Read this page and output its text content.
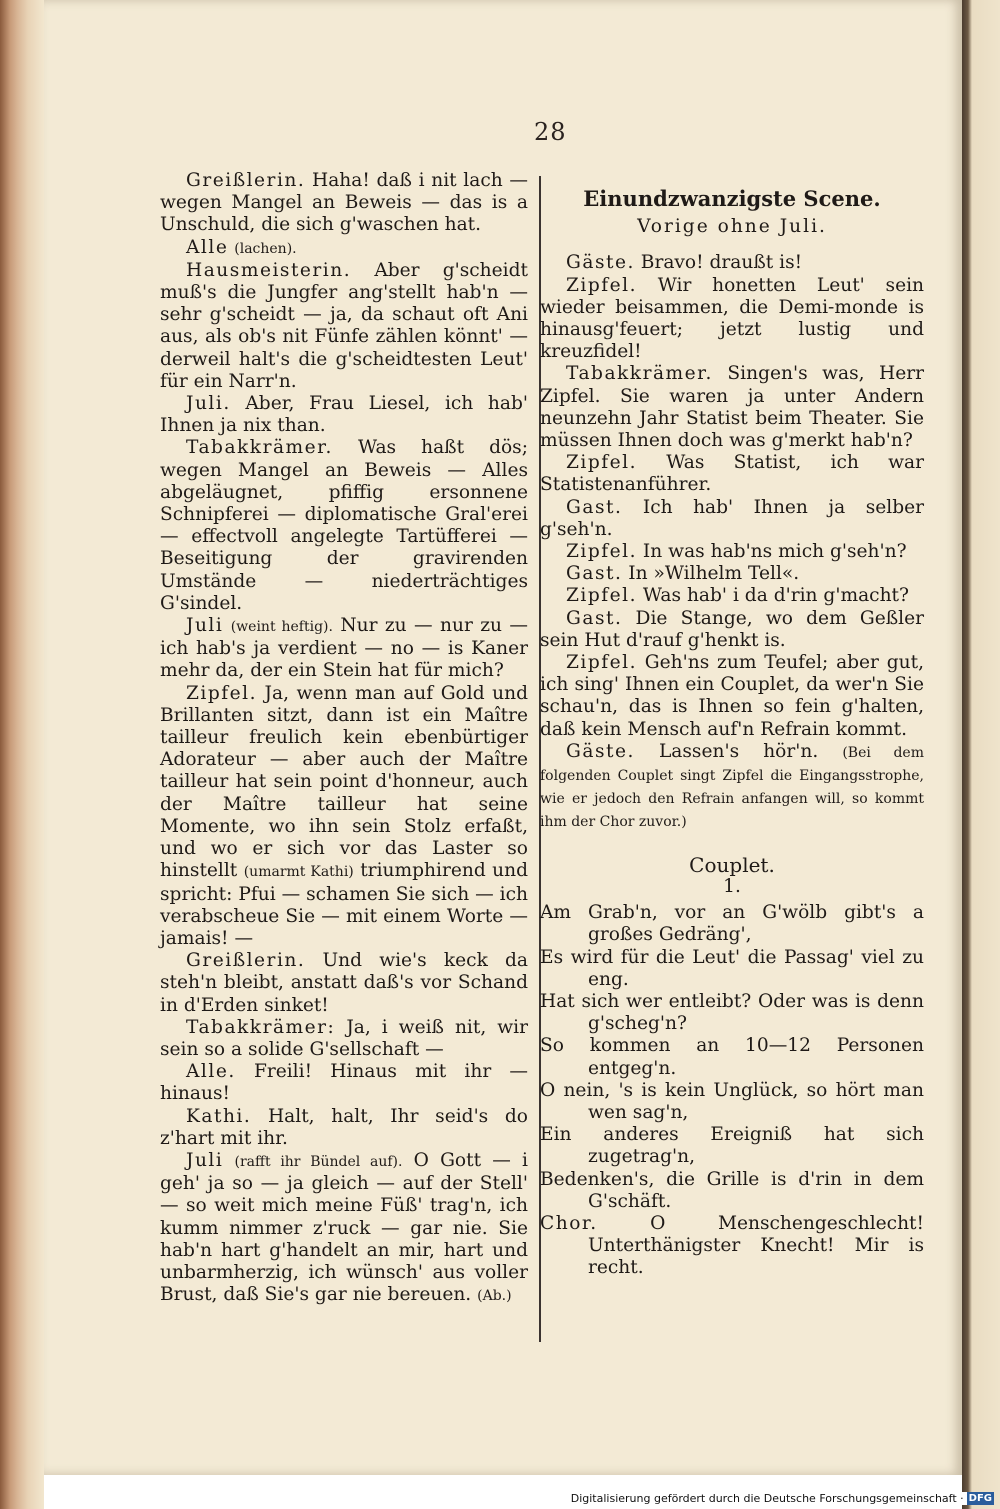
28

Greißlerin. Haha! daß i nit lach — wegen Mangel an Beweis — das is a Unschuld, die sich g'waschen hat.

Alle (lachen).

Hausmeisterin. Aber g'scheidt muß's die Jungfer ang'stellt hab'n — sehr g'scheidt — ja, da schaut oft Ani aus, als ob's nit Fünfe zählen könnt' — derweil halt's die g'scheidtesten Leut' für ein Narr'n.

Juli. Aber, Frau Liesel, ich hab' Ihnen ja nix than.

Tabakkrämer. Was haßt dös; wegen Mangel an Beweis — Alles abgeläugnet, pfiffig ersonnene Schnipferei — diplomatische Gral'erei — effectvoll angelegte Tartüfferei — Beseitigung der gravirenden Umstände — niederträchtiges G'sindel.

Juli (weint heftig). Nur zu — nur zu — ich hab's ja verdient — no — is Kaner mehr da, der ein Stein hat für mich?

Zipfel. Ja, wenn man auf Gold und Brillanten sitzt, dann ist ein Maître tailleur freulich kein ebenbürtiger Adorateur — aber auch der Maître tailleur hat sein point d'honneur, auch der Maître tailleur hat seine Momente, wo ihn sein Stolz erfaßt, und wo er sich vor das Laster so hinstellt (umarmt Kathi) triumphirend und spricht: Pfui — schamen Sie sich — ich verabscheue Sie — mit einem Worte — jamais! —

Greißlerin. Und wie's keck da steh'n bleibt, anstatt daß's vor Schand in d'Erden sinket!

Tabakkrämer: Ja, i weiß nit, wir sein so a solide G'sellschaft —

Alle. Freili! Hinaus mit ihr — hinaus!

Kathi. Halt, halt, Ihr seid's do z'hart mit ihr.

Juli (rafft ihr Bündel auf). O Gott — i geh' ja so — ja gleich — auf der Stell' — so weit mich meine Füß' trag'n, ich kumm nimmer z'ruck — gar nie. Sie hab'n hart g'handelt an mir, hart und unbarmherzig, ich wünsch' aus voller Brust, daß Sie's gar nie bereuen. (Ab.)

Einundzwanzigste Scene.

Vorige ohne Juli.

Gäste. Bravo! draußt is!

Zipfel. Wir honetten Leut' sein wieder beisammen, die Demi-monde is hinausg'feuert; jetzt lustig und kreuzfidel!

Tabakkrämer. Singen's was, Herr Zipfel. Sie waren ja unter Andern neunzehn Jahr Statist beim Theater. Sie müssen Ihnen doch was g'merkt hab'n?

Zipfel. Was Statist, ich war Statistenanführer.

Gast. Ich hab' Ihnen ja selber g'seh'n.

Zipfel. In was hab'ns mich g'seh'n?

Gast. In »Wilhelm Tell«.

Zipfel. Was hab' i da d'rin g'macht?

Gast. Die Stange, wo dem Geßler sein Hut d'rauf g'henkt is.

Zipfel. Geh'ns zum Teufel; aber gut, ich sing' Ihnen ein Couplet, da wer'n Sie schau'n, das is Ihnen so fein g'halten, daß kein Mensch auf'n Refrain kommt.

Gäste. Lassen's hör'n. (Bei dem folgenden Couplet singt Zipfel die Eingangsstrophe, wie er jedoch den Refrain anfangen will, so kommt ihm der Chor zuvor.)

Couplet.

1.

Am Grab'n, vor an G'wölb gibt's a großes Gedräng',

Es wird für die Leut' die Passag' viel zu eng.

Hat sich wer entleibt? Oder was is denn g'scheg'n?

So kommen an 10—12 Personen entgeg'n.

O nein, 's is kein Unglück, so hört man wen sag'n,

Ein anderes Ereigniß hat sich zugetrag'n,

Bedenken's, die Grille is d'rin in dem G'schäft.

Chor. O Menschengeschlecht! Unterthänigster Knecht! Mir is recht.

Digitalisierung gefördert durch die Deutsche Forschungsgemeinschaft · DFG
